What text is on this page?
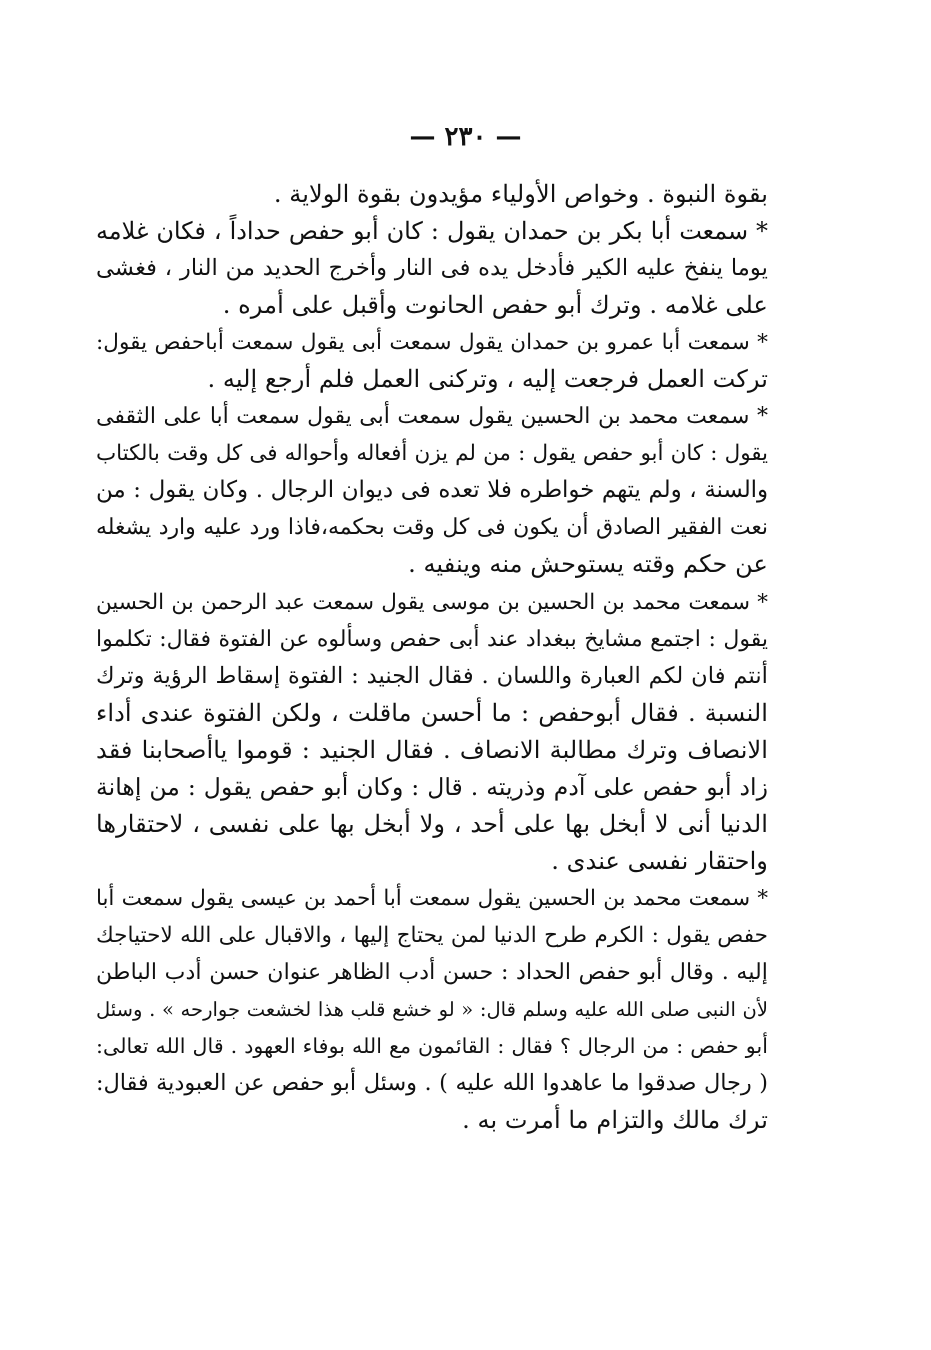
— ٢٣٠ —
بقوة النبوة . وخواص الأولياء مؤيدون بقوة الولاية .
* سمعت أبا بكر بن حمدان يقول : كان أبو حفص حداداً ، فكان غلامه
يوما ينفخ عليه الكير فأدخل يده فى النار وأخرج الحديد من النار ، فغشى
على غلامه . وترك أبو حفص الحانوت وأقبل على أمره .
* سمعت أبا عمرو بن حمدان يقول سمعت أبى يقول سمعت أباحفص يقول:
تركت العمل فرجعت إليه ، وتركنى العمل فلم أرجع إليه .
* سمعت محمد بن الحسين يقول سمعت أبى يقول سمعت أبا على الثقفى
يقول : كان أبو حفص يقول : من لم يزن أفعاله وأحواله فى كل وقت بالكتاب
والسنة ، ولم يتهم خواطره فلا تعده فى ديوان الرجال . وكان يقول : من
نعت الفقير الصادق أن يكون فى كل وقت بحكمه،فاذا ورد عليه وارد يشغله
عن حكم وقته يستوحش منه وينفيه .
* سمعت محمد بن الحسين بن موسى يقول سمعت عبد الرحمن بن الحسين
يقول : اجتمع مشايخ ببغداد عند أبى حفص وسألوه عن الفتوة فقال: تكلموا
أنتم فان لكم العبارة واللسان . فقال الجنيد : الفتوة إسقاط الرؤية وترك
النسبة . فقال أبوحفص : ما أحسن ماقلت ، ولكن الفتوة عندى أداء
الانصاف وترك مطالبة الانصاف . فقال الجنيد : قوموا ياأصحابنا فقد
زاد أبو حفص على آدم وذريته . قال : وكان أبو حفص يقول : من إهانة
الدنيا أنى لا أبخل بها على أحد ، ولا أبخل بها على نفسى ، لاحتقارها
واحتقار نفسى عندى .
* سمعت محمد بن الحسين يقول سمعت أبا أحمد بن عيسى يقول سمعت أبا
حفص يقول : الكرم طرح الدنيا لمن يحتاج إليها ، والاقبال على الله لاحتياجك
إليه . وقال أبو حفص الحداد : حسن أدب الظاهر عنوان حسن أدب الباطن
لأن النبى صلى الله عليه وسلم قال: « لو خشع قلب هذا لخشعت جوارحه » . وسئل
أبو حفص : من الرجال ؟ فقال : القائمون مع الله بوفاء العهود . قال الله تعالى:
( رجال صدقوا ما عاهدوا الله عليه ) . وسئل أبو حفص عن العبودية فقال:
ترك مالك والتزام ما أمرت به .
